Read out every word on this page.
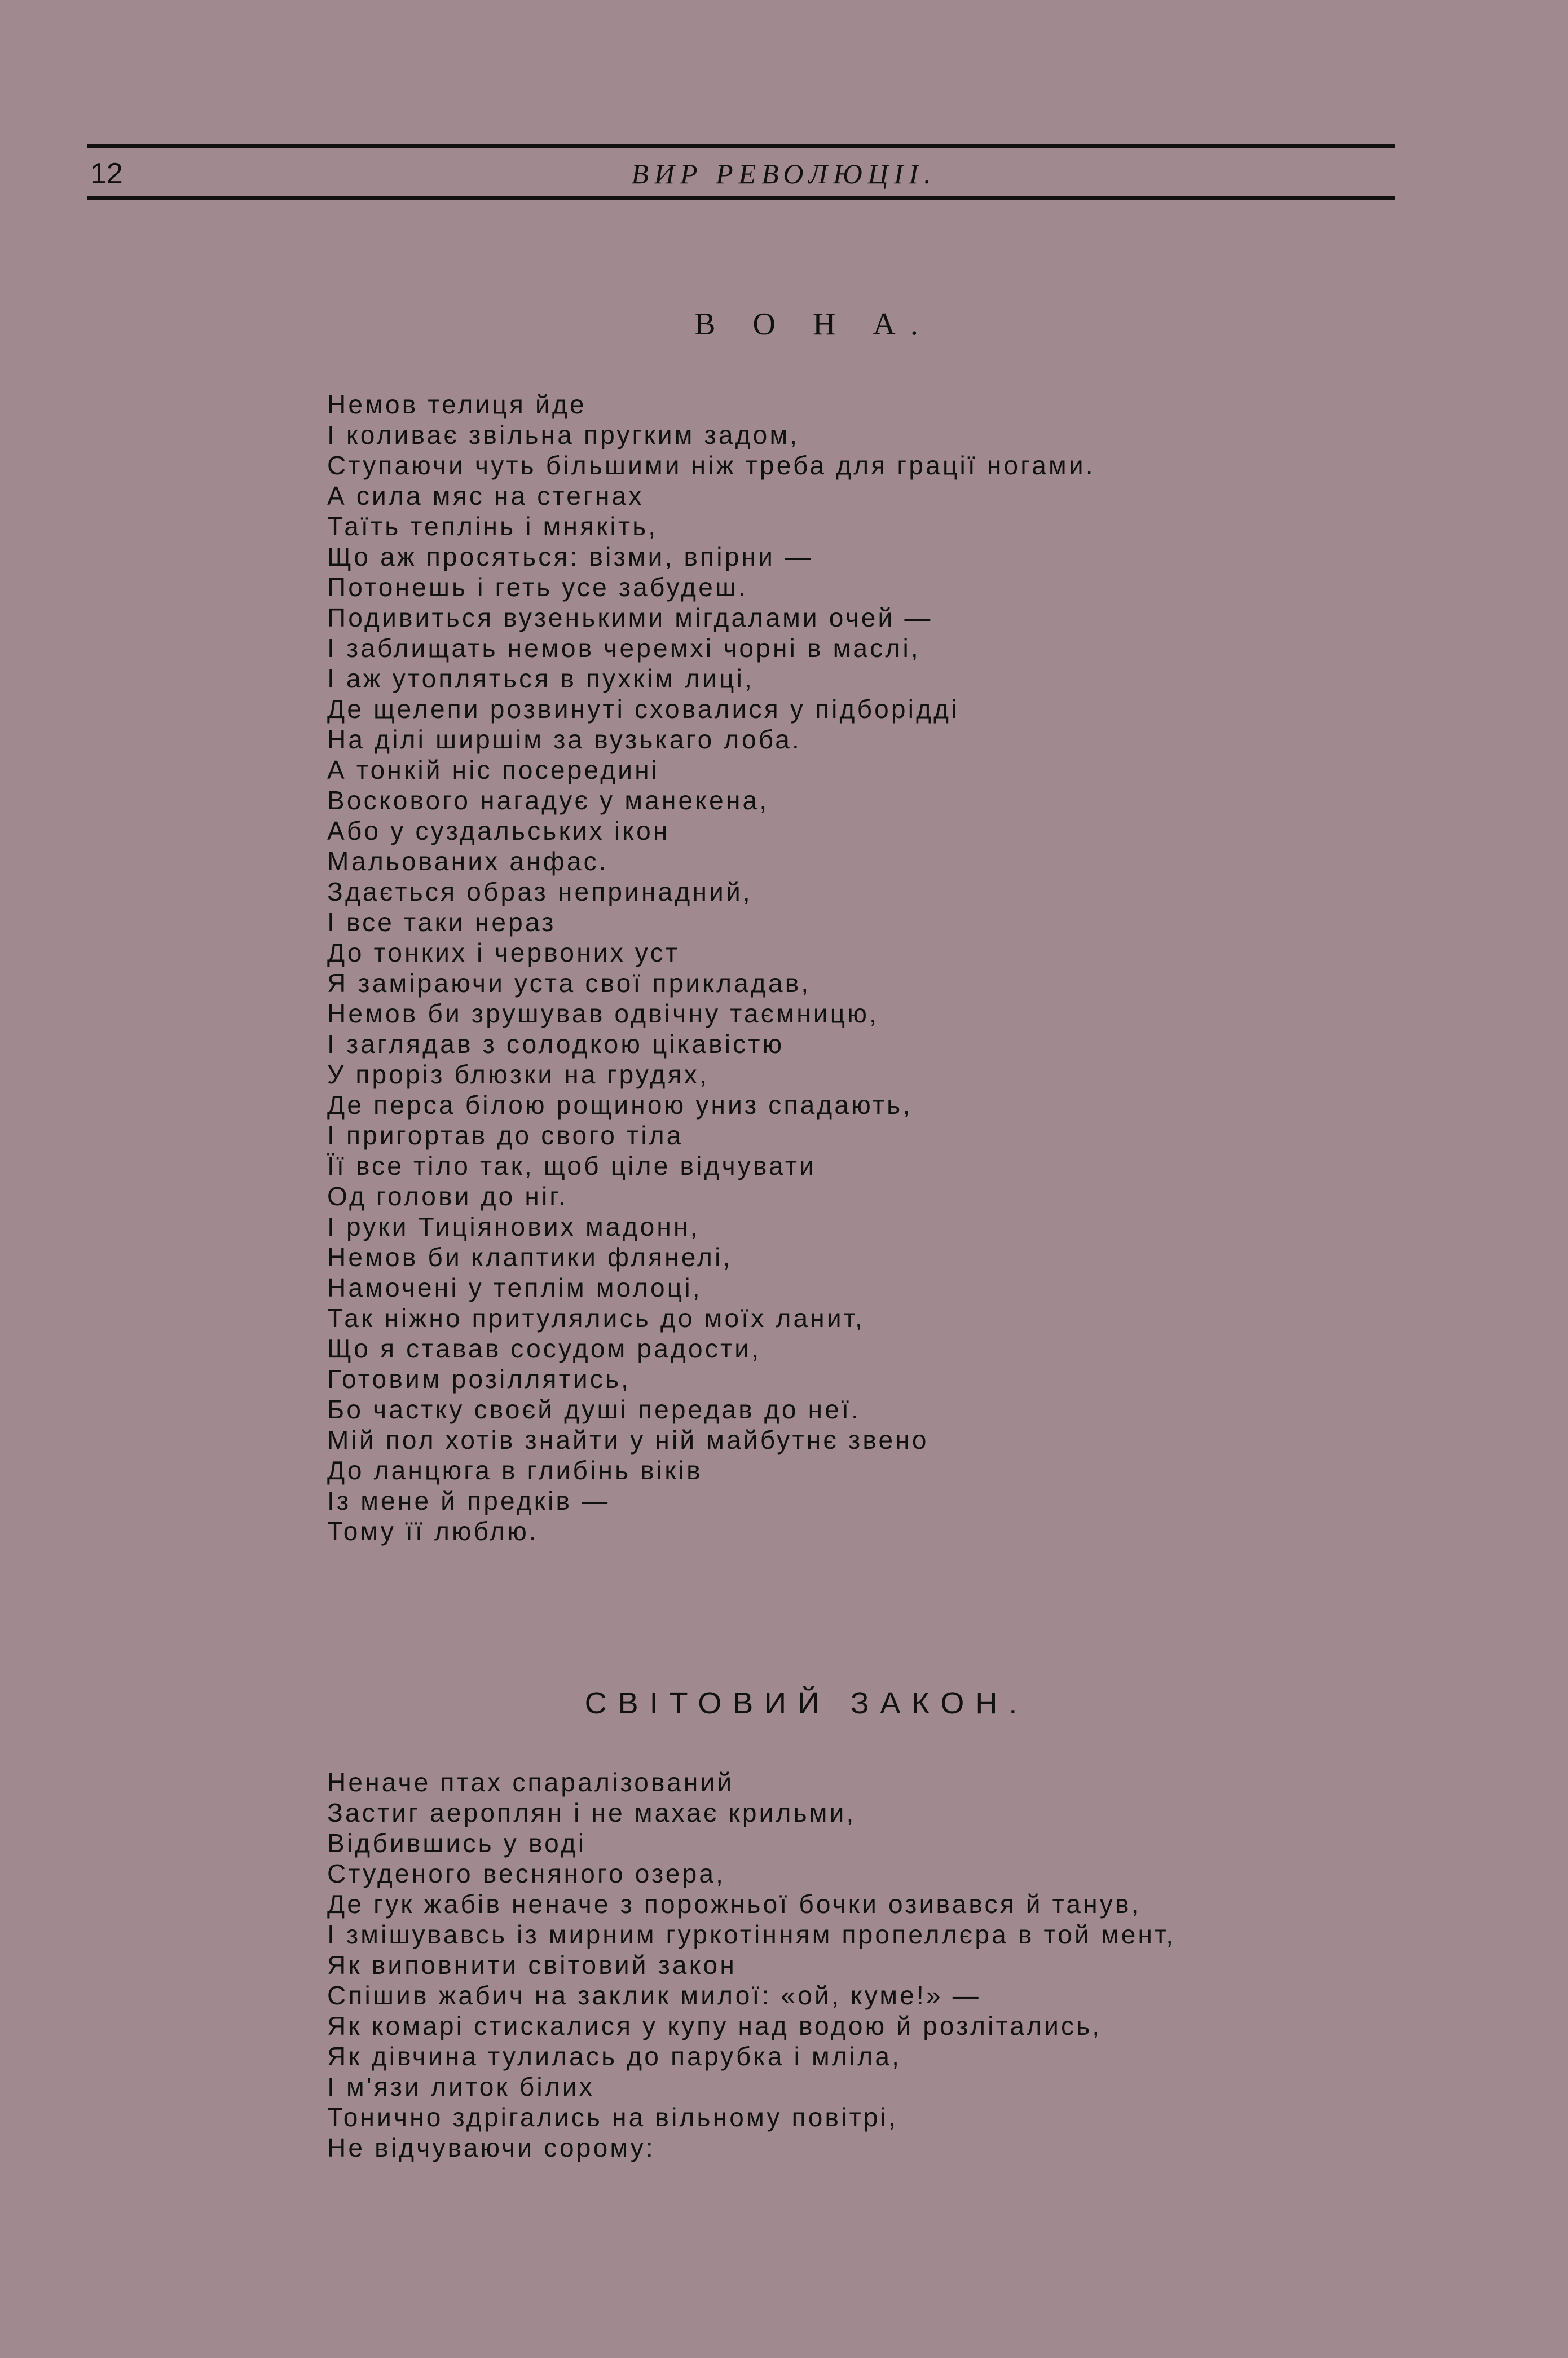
12	ВИР РЕВОЛЮЦІІ.
В О Н А.
Немов телиця йде
І коливає звільна пругким задом,
Ступаючи чуть більшими ніж треба для грації ногами.
А сила мяс на стегнах
Таїть теплінь і мнякіть,
Що аж просяться: візми, впірни —
Потонешь і геть усе забудеш.
Подивиться вузенькими мігдалами очей —
І заблищать немов черемхі чорні в маслі,
І аж утопляться в пухкім лиці,
Де щелепи розвинуті сховалися у підборідді
На ділі ширшім за вузькаго лоба.
А тонкій ніс посередині
Воскового нагадує у манекена,
Або у суздальських ікон
Мальованих анфас.
Здається образ непринадний,
І все таки нераз
До тонких і червоних уст
Я заміраючи уста свої прикладав,
Немов би зрушував одвічну таємницю,
І заглядав з солодкою цікавістю
У проріз блюзки на грудях,
Де перса білою рощиною униз спадають,
І пригортав до свого тіла
Її все тіло так, щоб ціле відчувати
Од голови до ніг.
І руки Тиціянових мадонн,
Немов би клаптики флянелі,
Намочені у теплім молоці,
Так ніжно притулялись до моїх ланит,
Що я ставав сосудом радости,
Готовим розіллятись,
Бо частку своєй душі передав до неї.
Мій пол хотів знайти у ній майбутнє звено
До ланцюга в глибінь віків
Із мене й предків —
Тому її люблю.
СВІТОВИЙ ЗАКОН.
Неначе птах спаралізований
Застиг аероплян і не махає крильми,
Відбившись у воді
Студеного весняного озера,
Де гук жабів неначе з порожньої бочки озивався й танув,
І змішувавсь із мирним гуркотінням пропеллєра в той мент,
Як виповнити світовий закон
Спішив жабич на заклик милої: «ой, куме!» —
Як комарі стискалися у купу над водою й розлітались,
Як дівчина тулилась до парубка і мліла,
І м'язи литок білих
Тонично здрігались на вільному повітрі,
Не відчуваючи сорому:
